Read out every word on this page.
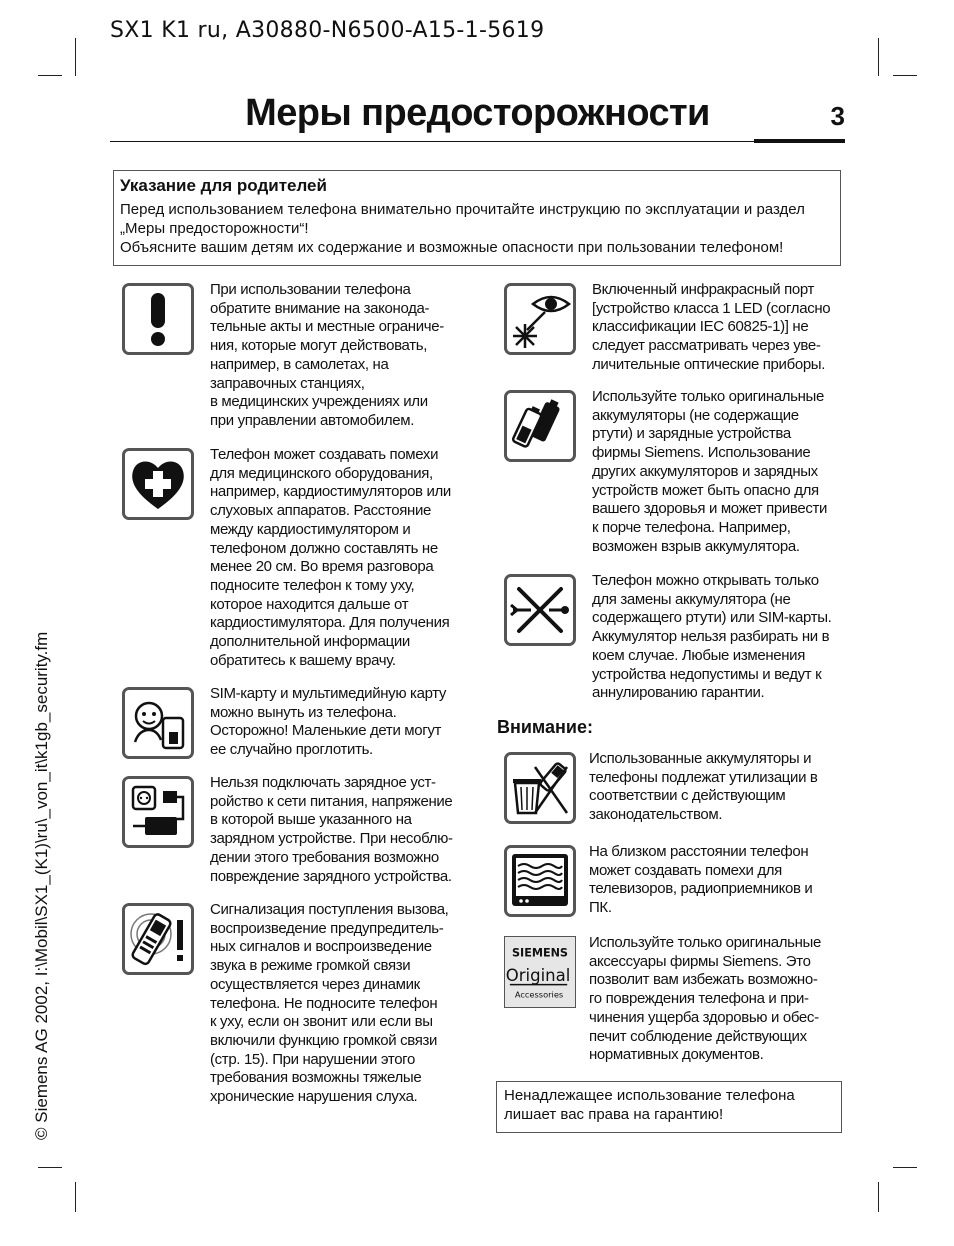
SX1 K1 ru, A30880-N6500-A15-1-5619
Меры предосторожности	3
© Siemens AG 2002, I:\Mobil\SX1_(K1)\ru\_von_it\k1gb_security.fm
Указание для родителей

Перед использованием телефона внимательно прочитайте инструкцию по эксплуатации и раздел

„Меры предосторожности“!

Объясните вашим детям их содержание и возможные опасности при пользовании телефоном!

При использовании телефона
обратите внимание на законода-
тельные акты и местные ограниче-
ния, которые могут действовать,
например, в самолетах, на
заправочных станциях,
в медицинских учреждениях или
при управлении автомобилем.

Телефон может создавать помехи
для медицинского оборудования,
например, кардиостимуляторов или
слуховых аппаратов. Расстояние
между кардиостимулятором и
телефоном должно составлять не
менее 20 см. Во время разговора
подносите телефон к тому уху,
которое находится дальше от
кардиостимулятора. Для получения
дополнительной информации
обратитесь к вашему врачу.

SIM-карту и мультимедийную карту
можно вынуть из телефона.
Осторожно! Маленькие дети могут
ее случайно проглотить.

Нельзя подключать зарядное уст-
ройство к сети питания, напряжение
в которой выше указанного на
зарядном устройстве. При несоблю-
дении этого требования возможно
повреждение зарядного устройства.

Сигнализация поступления вызова,
воспроизведение предупредитель-
ных сигналов и воспроизведение
звука в режиме громкой связи
осуществляется через динамик
телефона. Не подносите телефон
к уху, если он звонит или если вы
включили функцию громкой связи
(стр. 15). При нарушении этого
требования возможны тяжелые
хронические нарушения слуха.

Включенный инфракрасный порт
[устройство класса 1 LED (согласно
классификации IEC 60825-1)] не
следует рассматривать через уве-
личительные оптические приборы.

Используйте только оригинальные
аккумуляторы (не содержащие
ртути) и зарядные устройства
фирмы Siemens. Использование
других аккумуляторов и зарядных
устройств может быть опасно для
вашего здоровья и может привести
к порче телефона. Например,
возможен взрыв аккумулятора.

Телефон можно открывать только
для замены аккумулятора (не
содержащего ртути) или SIM-карты.
Аккумулятор нельзя разбирать ни в
коем случае. Любые изменения
устройства недопустимы и ведут к
аннулированию гарантии.

Внимание:

Использованные аккумуляторы и
телефоны подлежат утилизации в
соответствии с действующим
законодательством.

На близком расстоянии телефон
может создавать помехи для
телевизоров, радиоприемников и
ПК.

SIEMENS
Original
Accessories

Используйте только оригинальные
аксессуары фирмы Siemens. Это
позволит вам избежать возможно-
го повреждения телефона и при-
чинения ущерба здоровью и обес-
печит соблюдение действующих
нормативных документов.

Ненадлежащее использование телефона
лишает вас права на гарантию!
